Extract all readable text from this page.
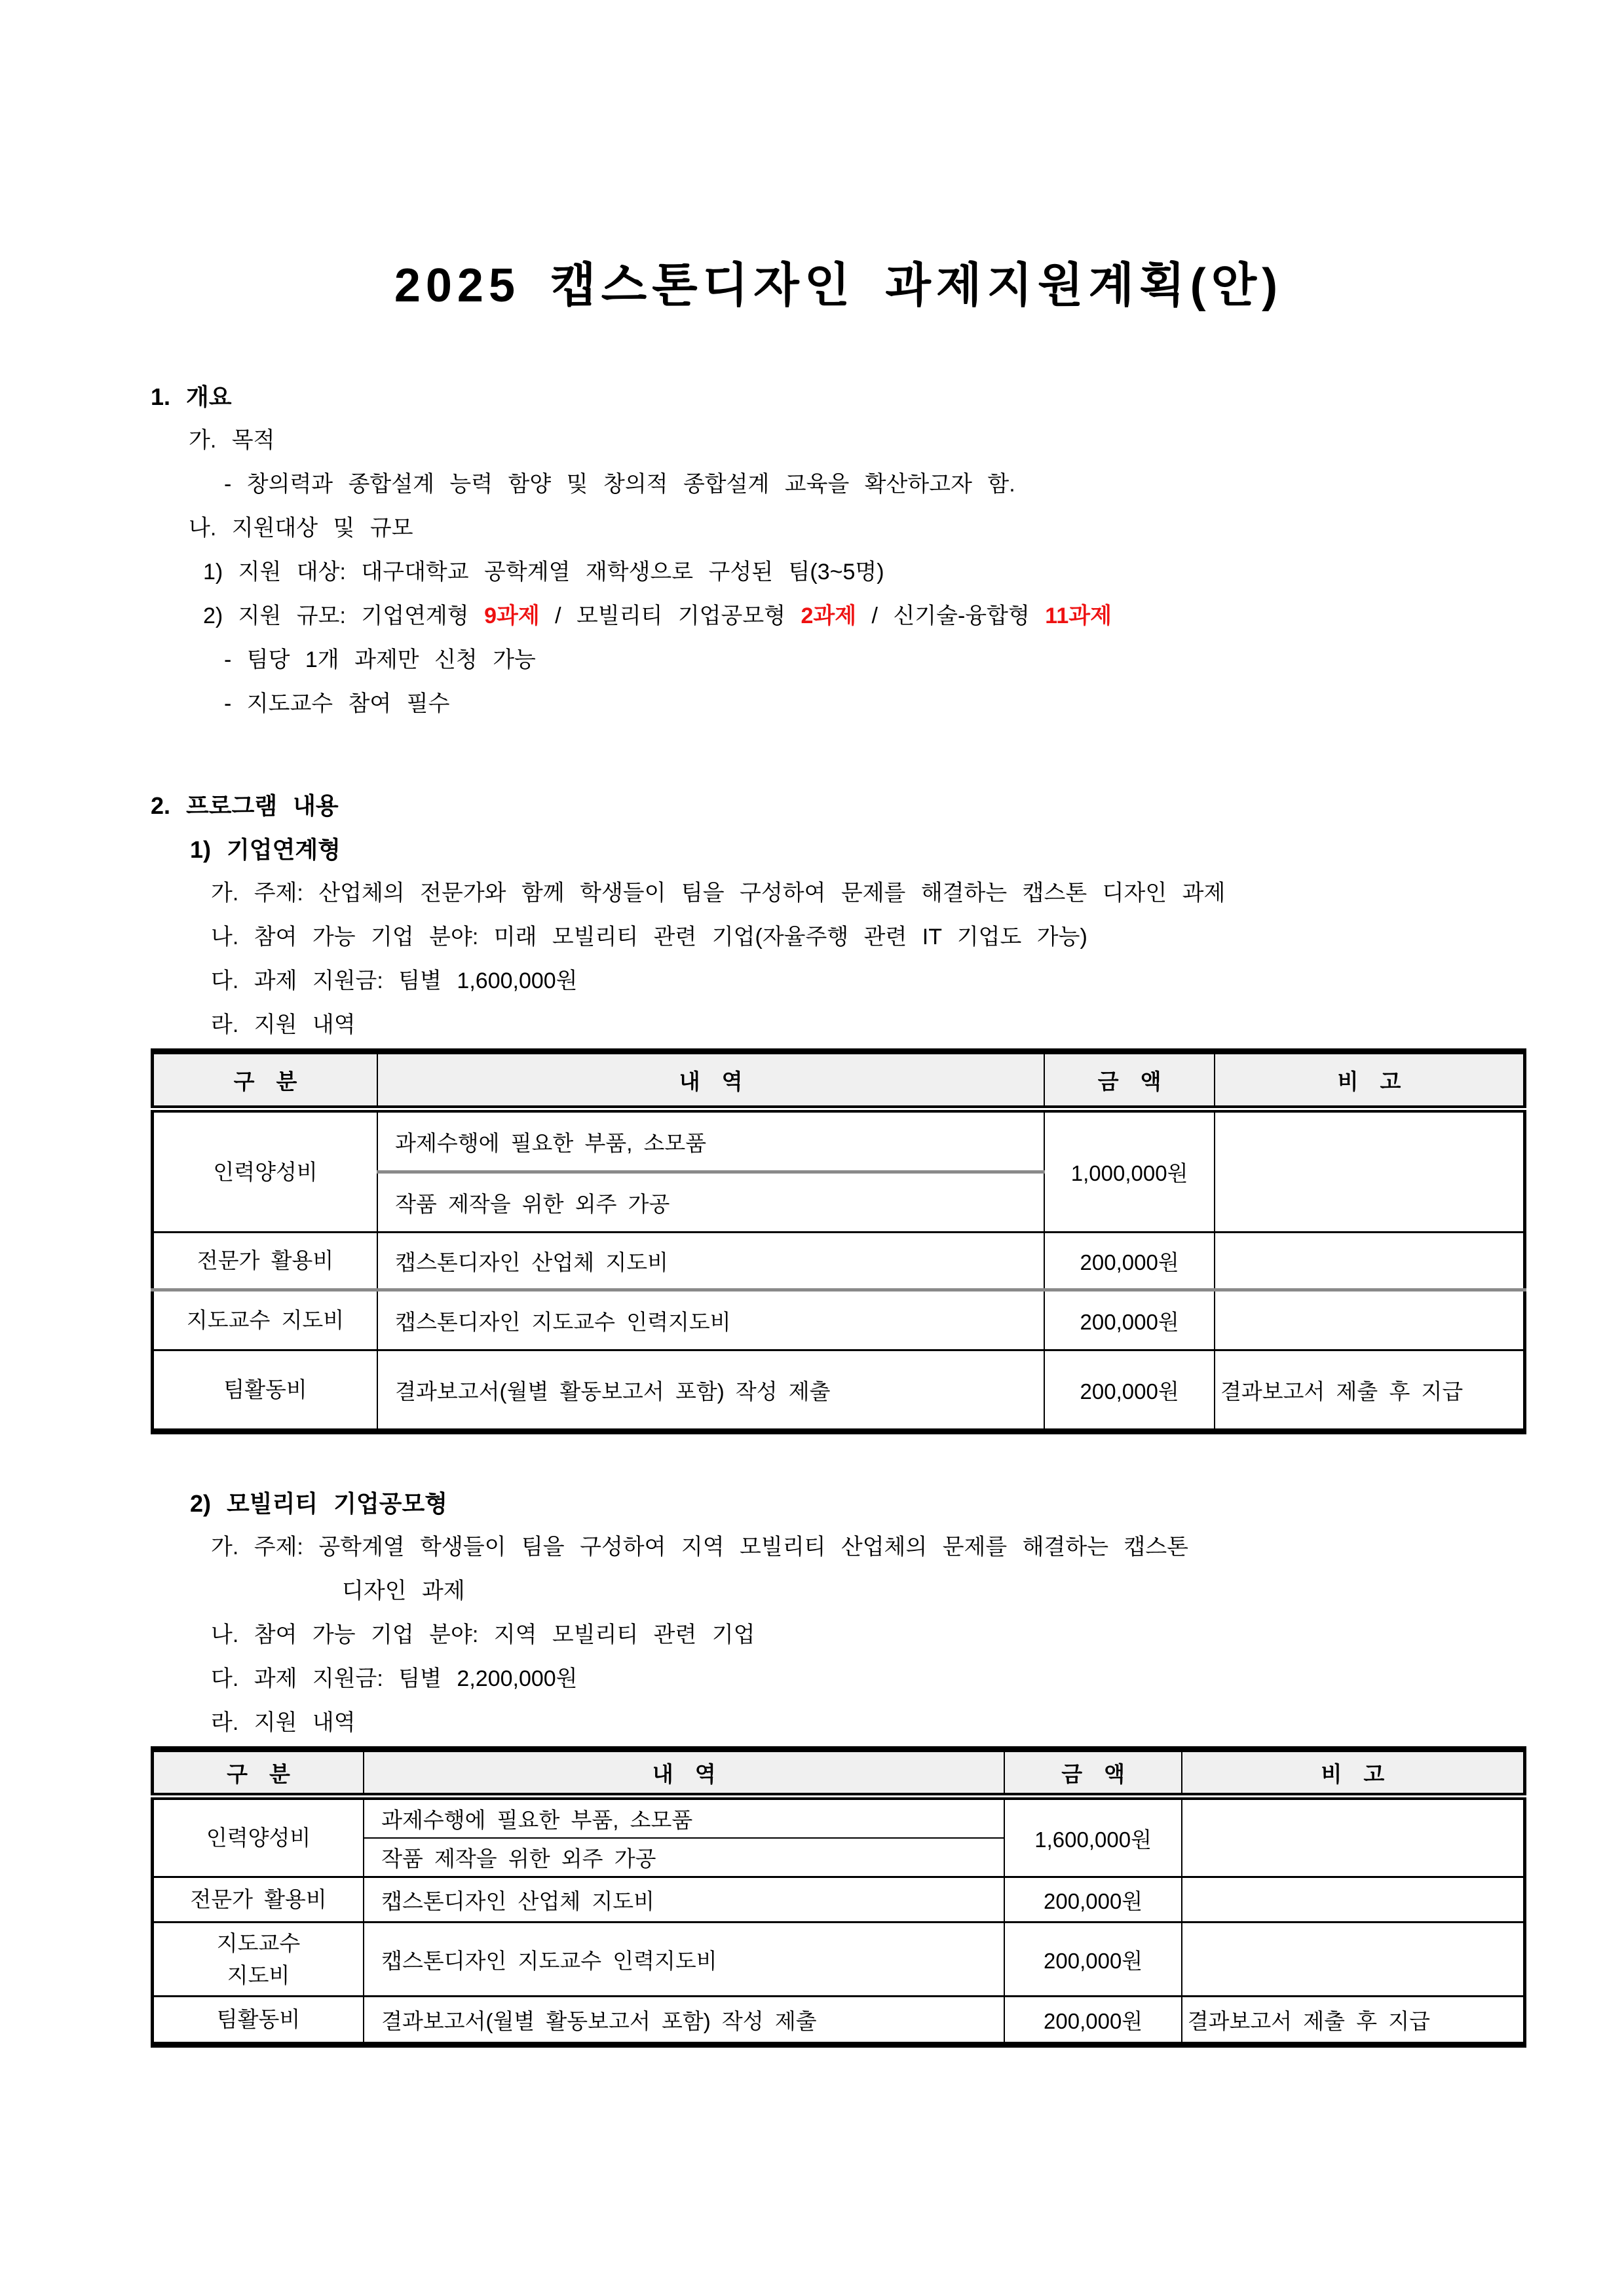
2025 캡스톤디자인 과제지원계획(안)
1. 개요
가. 목적
- 창의력과 종합설계 능력 함양 및 창의적 종합설계 교육을 확산하고자 함.
나. 지원대상 및 규모
1) 지원 대상: 대구대학교 공학계열 재학생으로 구성된 팀(3~5명)
2) 지원 규모: 기업연계형 9과제 / 모빌리티 기업공모형 2과제 / 신기술-융합형 11과제
- 팀당 1개 과제만 신청 가능
- 지도교수 참여 필수
2. 프로그램 내용
1) 기업연계형
가. 주제: 산업체의 전문가와 함께 학생들이 팀을 구성하여 문제를 해결하는 캡스톤 디자인 과제
나. 참여 가능 기업 분야: 미래 모빌리티 관련 기업(자율주행 관련 IT 기업도 가능)
다. 과제 지원금: 팀별 1,600,000원
라. 지원 내역
구　분	내　역	금　액	비　고
인력양성비	과제수행에 필요한 부품, 소모품	1,000,000원	
	작품 제작을 위한 외주 가공		
전문가 활용비	캡스톤디자인 산업체 지도비	200,000원	
지도교수 지도비	캡스톤디자인 지도교수 인력지도비	200,000원	
팀활동비	결과보고서(월별 활동보고서 포함) 작성 제출	200,000원	결과보고서 제출 후 지급
2) 모빌리티 기업공모형
가. 주제: 공학계열 학생들이 팀을 구성하여 지역 모빌리티 산업체의 문제를 해결하는 캡스톤
디자인 과제
나. 참여 가능 기업 분야: 지역 모빌리티 관련 기업
다. 과제 지원금: 팀별 2,200,000원
라. 지원 내역
구　분	내　역	금　액	비　고
인력양성비	과제수행에 필요한 부품, 소모품	1,600,000원	
	작품 제작을 위한 외주 가공		
전문가 활용비	캡스톤디자인 산업체 지도비	200,000원	
지도교수
지도비	캡스톤디자인 지도교수 인력지도비	200,000원	
팀활동비	결과보고서(월별 활동보고서 포함) 작성 제출	200,000원	결과보고서 제출 후 지급
